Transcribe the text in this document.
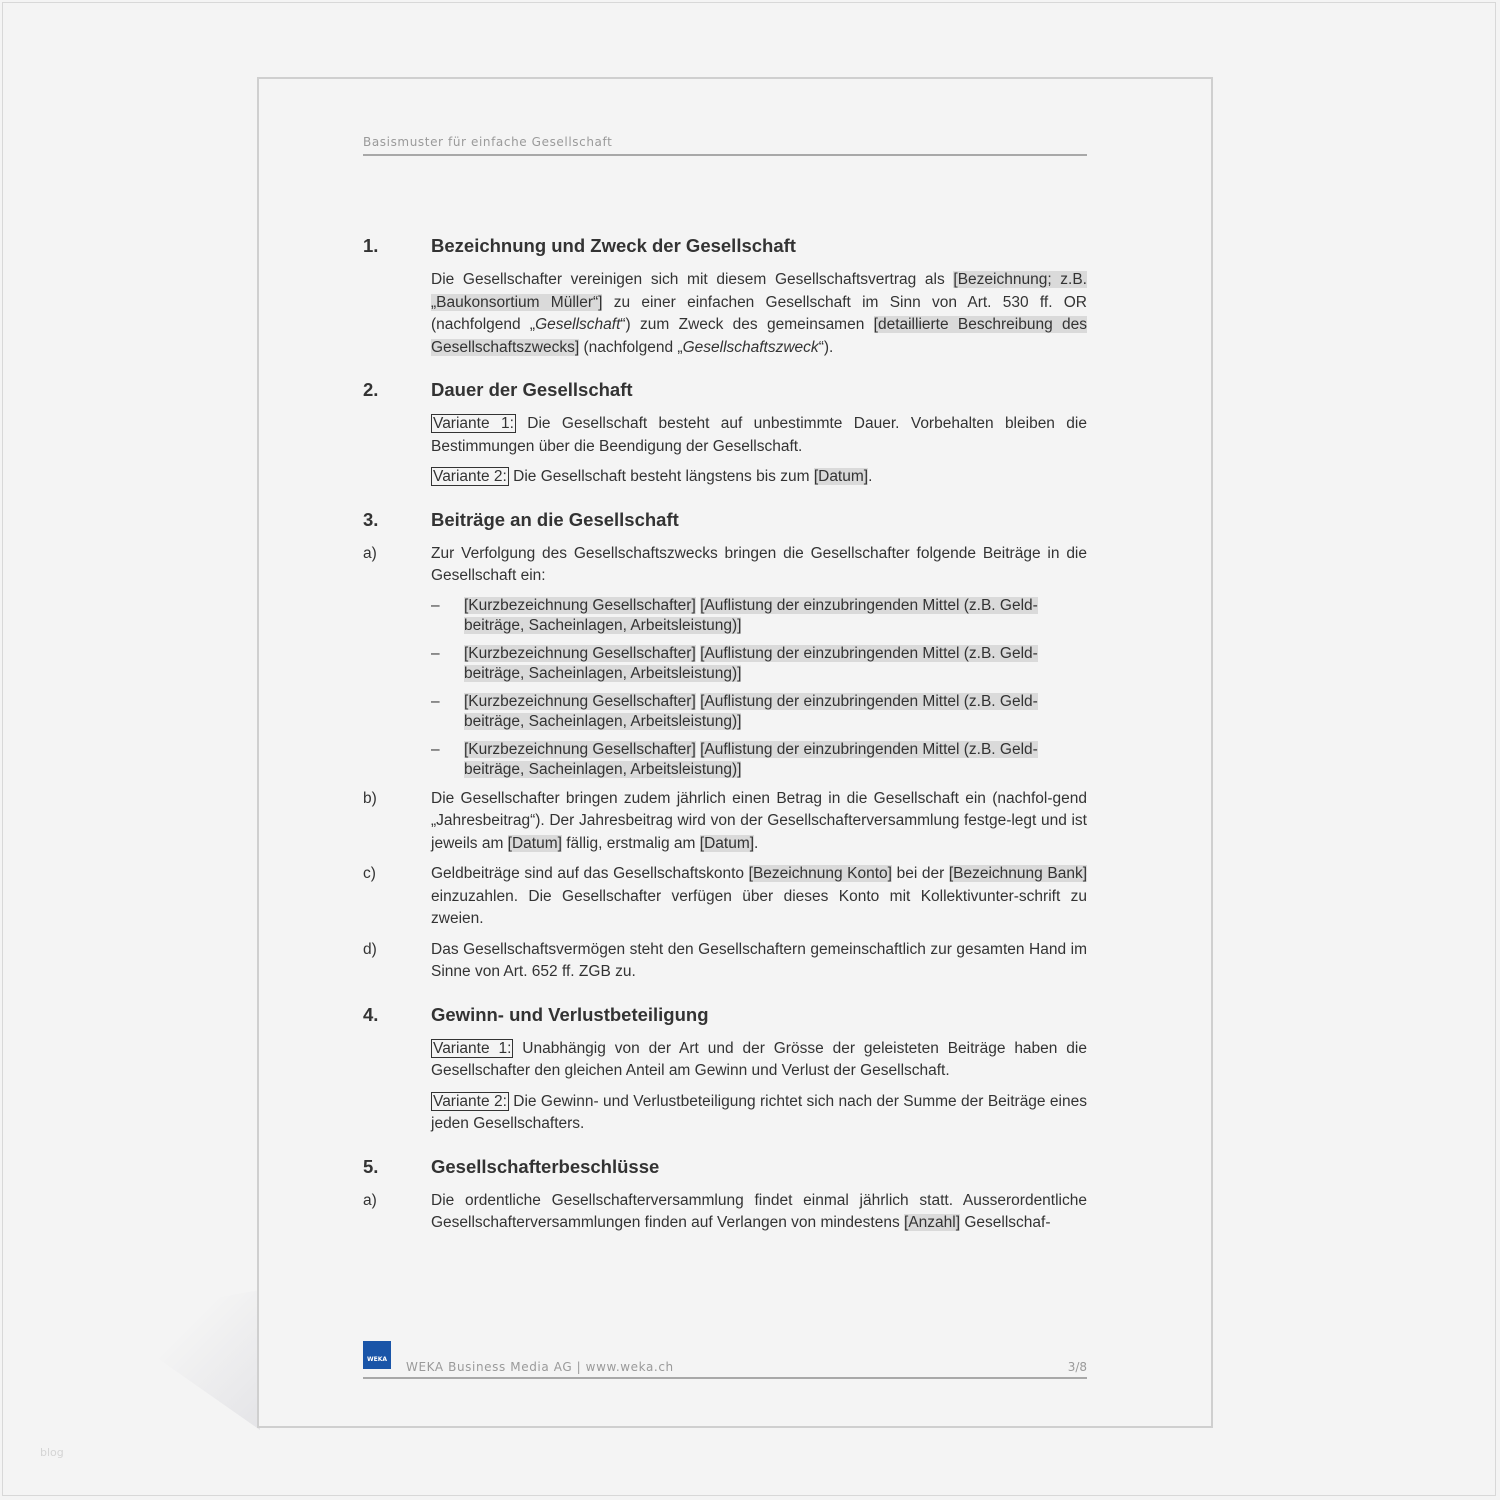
blog
Basismuster für einfache Gesellschaft
1.	Bezeichnung und Zweck der Gesellschaft
Die Gesellschafter vereinigen sich mit diesem Gesellschaftsvertrag als [Bezeichnung; z.B. „Baukonsortium Müller“] zu einer einfachen Gesellschaft im Sinn von Art. 530 ff. OR (nachfolgend „Gesellschaft“) zum Zweck des gemeinsamen [detaillierte Beschreibung des Gesellschaftszwecks] (nachfolgend „Gesellschaftszweck“).
2.	Dauer der Gesellschaft
Variante 1: Die Gesellschaft besteht auf unbestimmte Dauer. Vorbehalten bleiben die Bestimmungen über die Beendigung der Gesellschaft.
Variante 2: Die Gesellschaft besteht längstens bis zum [Datum].
3.	Beiträge an die Gesellschaft
a)	Zur Verfolgung des Gesellschaftszwecks bringen die Gesellschafter folgende Beiträge in die Gesellschaft ein:
–	[Kurzbezeichnung Gesellschafter] [Auflistung der einzubringenden Mittel (z.B. Geld-beiträge, Sacheinlagen, Arbeitsleistung)]
–	[Kurzbezeichnung Gesellschafter] [Auflistung der einzubringenden Mittel (z.B. Geld-beiträge, Sacheinlagen, Arbeitsleistung)]
–	[Kurzbezeichnung Gesellschafter] [Auflistung der einzubringenden Mittel (z.B. Geld-beiträge, Sacheinlagen, Arbeitsleistung)]
–	[Kurzbezeichnung Gesellschafter] [Auflistung der einzubringenden Mittel (z.B. Geld-beiträge, Sacheinlagen, Arbeitsleistung)]
b)	Die Gesellschafter bringen zudem jährlich einen Betrag in die Gesellschaft ein (nachfol-gend „Jahresbeitrag“). Der Jahresbeitrag wird von der Gesellschafterversammlung festge-legt und ist jeweils am [Datum] fällig, erstmalig am [Datum].
c)	Geldbeiträge sind auf das Gesellschaftskonto [Bezeichnung Konto] bei der [Bezeichnung Bank] einzuzahlen. Die Gesellschafter verfügen über dieses Konto mit Kollektivunter-schrift zu zweien.
d)	Das Gesellschaftsvermögen steht den Gesellschaftern gemeinschaftlich zur gesamten Hand im Sinne von Art. 652 ff. ZGB zu.
4.	Gewinn- und Verlustbeteiligung
Variante 1: Unabhängig von der Art und der Grösse der geleisteten Beiträge haben die Gesellschafter den gleichen Anteil am Gewinn und Verlust der Gesellschaft.
Variante 2: Die Gewinn- und Verlustbeteiligung richtet sich nach der Summe der Beiträge eines jeden Gesellschafters.
5.	Gesellschafterbeschlüsse
a)	Die ordentliche Gesellschafterversammlung findet einmal jährlich statt. Ausserordentliche Gesellschafterversammlungen finden auf Verlangen von mindestens [Anzahl] Gesellschaf-
WEKA
WEKA Business Media AG | www.weka.ch	3/8
